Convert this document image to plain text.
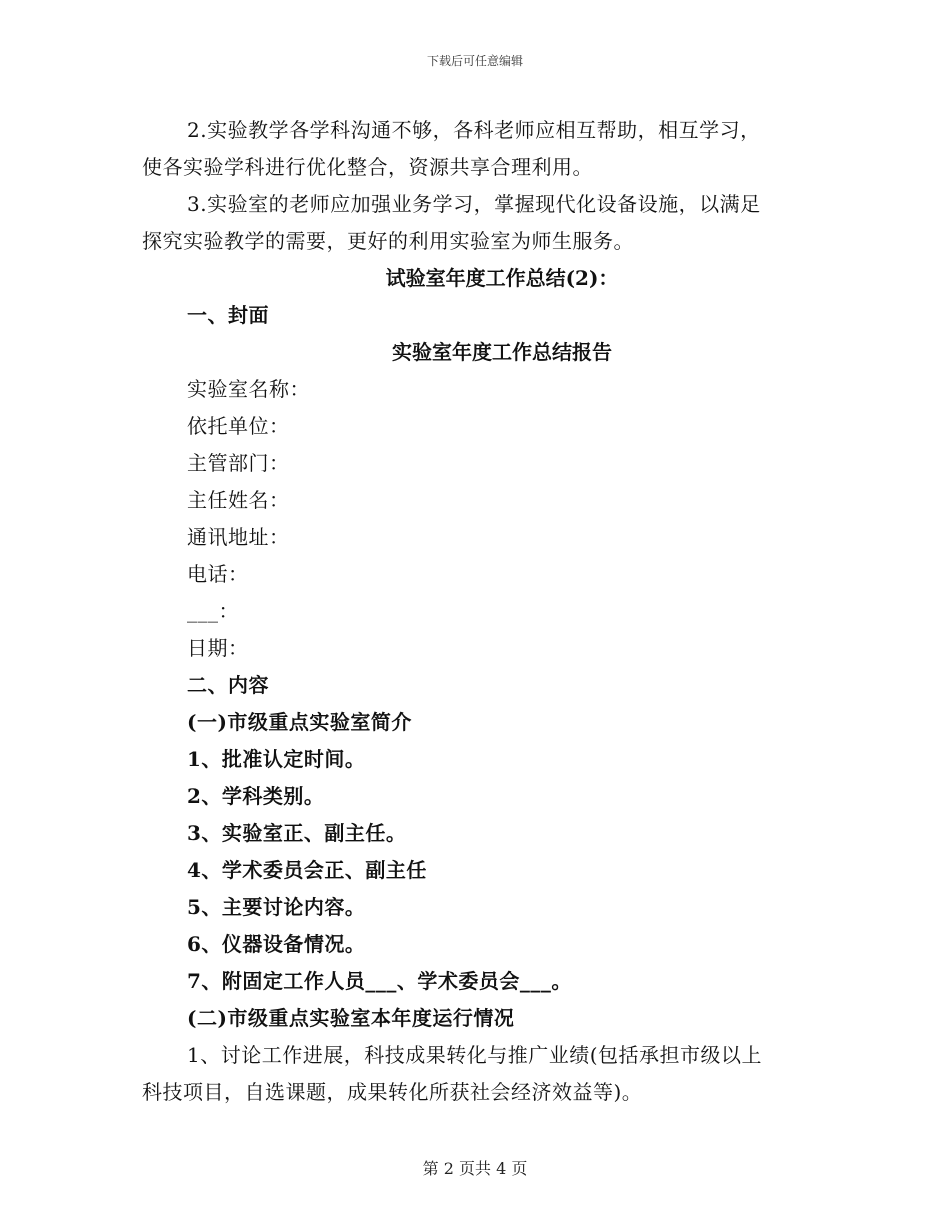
下载后可任意编辑

2.实验教学各学科沟通不够，各科老师应相互帮助，相互学习，

使各实验学科进行优化整合，资源共享合理利用。

3.实验室的老师应加强业务学习，掌握现代化设备设施，以满足

探究实验教学的需要，更好的利用实验室为师生服务。

试验室年度工作总结(2)：

一、封面

实验室年度工作总结报告

实验室名称：

依托单位：

主管部门：

主任姓名：

通讯地址：

电话：

___：

日期：

二、内容

(一)市级重点实验室简介

1、批准认定时间。

2、学科类别。

3、实验室正、副主任。

4、学术委员会正、副主任

5、主要讨论内容。

6、仪器设备情况。

7、附固定工作人员___、学术委员会___。

(二)市级重点实验室本年度运行情况

1、讨论工作进展，科技成果转化与推广业绩(包括承担市级以上

科技项目，自选课题，成果转化所获社会经济效益等)。

第 2 页共 4 页
